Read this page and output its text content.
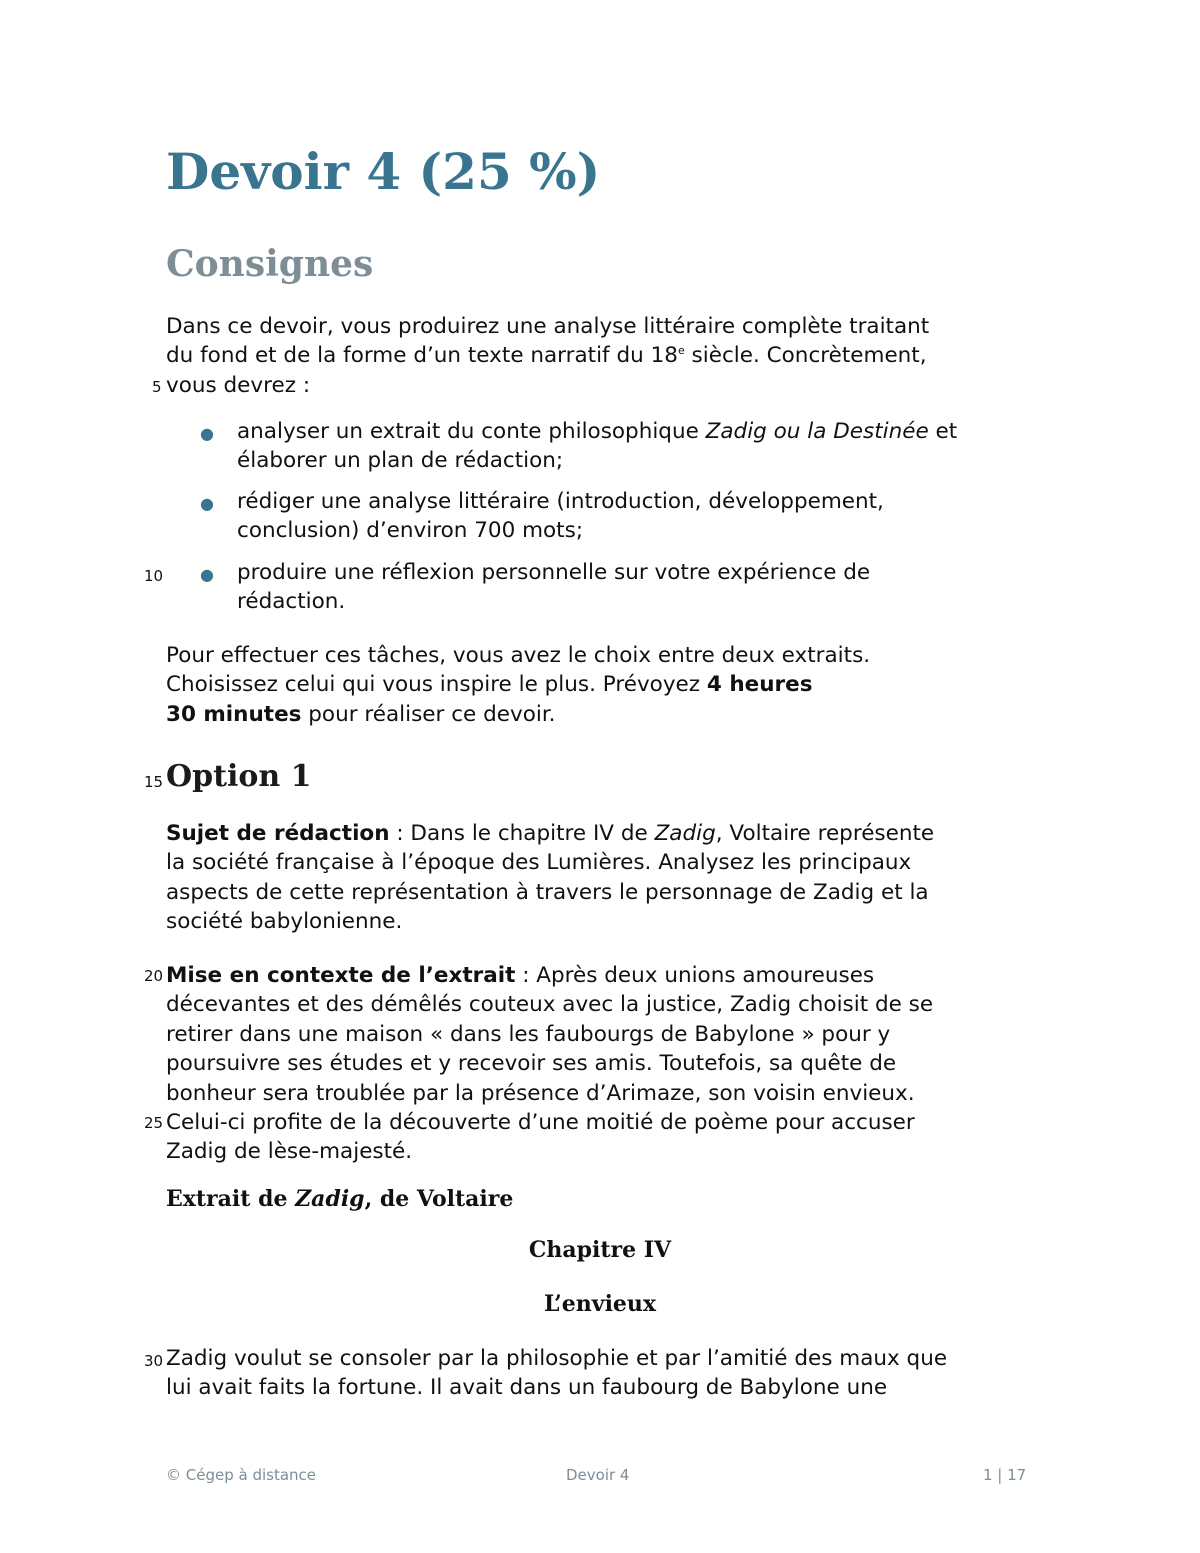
Devoir 4 (25 %)
Consignes

Dans ce devoir, vous produirez une analyse littéraire complète traitant
du fond et de la forme d’un texte narratif du 18e siècle. Concrètement,
vous devrez :

● analyser un extrait du conte philosophique Zadig ou la Destinée et
élaborer un plan de rédaction;

● rédiger une analyse littéraire (introduction, développement,
conclusion) d’environ 700 mots;

● produire une réflexion personnelle sur votre expérience de
rédaction.

Pour effectuer ces tâches, vous avez le choix entre deux extraits.
Choisissez celui qui vous inspire le plus. Prévoyez 4 heures
30 minutes pour réaliser ce devoir.

Option 1

Sujet de rédaction : Dans le chapitre IV de Zadig, Voltaire représente
la société française à l’époque des Lumières. Analysez les principaux
aspects de cette représentation à travers le personnage de Zadig et la
société babylonienne.

Mise en contexte de l’extrait : Après deux unions amoureuses
décevantes et des démêlés couteux avec la justice, Zadig choisit de se
retirer dans une maison « dans les faubourgs de Babylone » pour y
poursuivre ses études et y recevoir ses amis. Toutefois, sa quête de
bonheur sera troublée par la présence d’Arimaze, son voisin envieux.
Celui-ci profite de la découverte d’une moitié de poème pour accuser
Zadig de lèse-majesté.

Extrait de Zadig, de Voltaire

Chapitre IV

L’envieux

Zadig voulut se consoler par la philosophie et par l’amitié des maux que
lui avait faits la fortune. Il avait dans un faubourg de Babylone une

5
10
15
20
25
30
© Cégep à distance	Devoir 4	1 | 17
